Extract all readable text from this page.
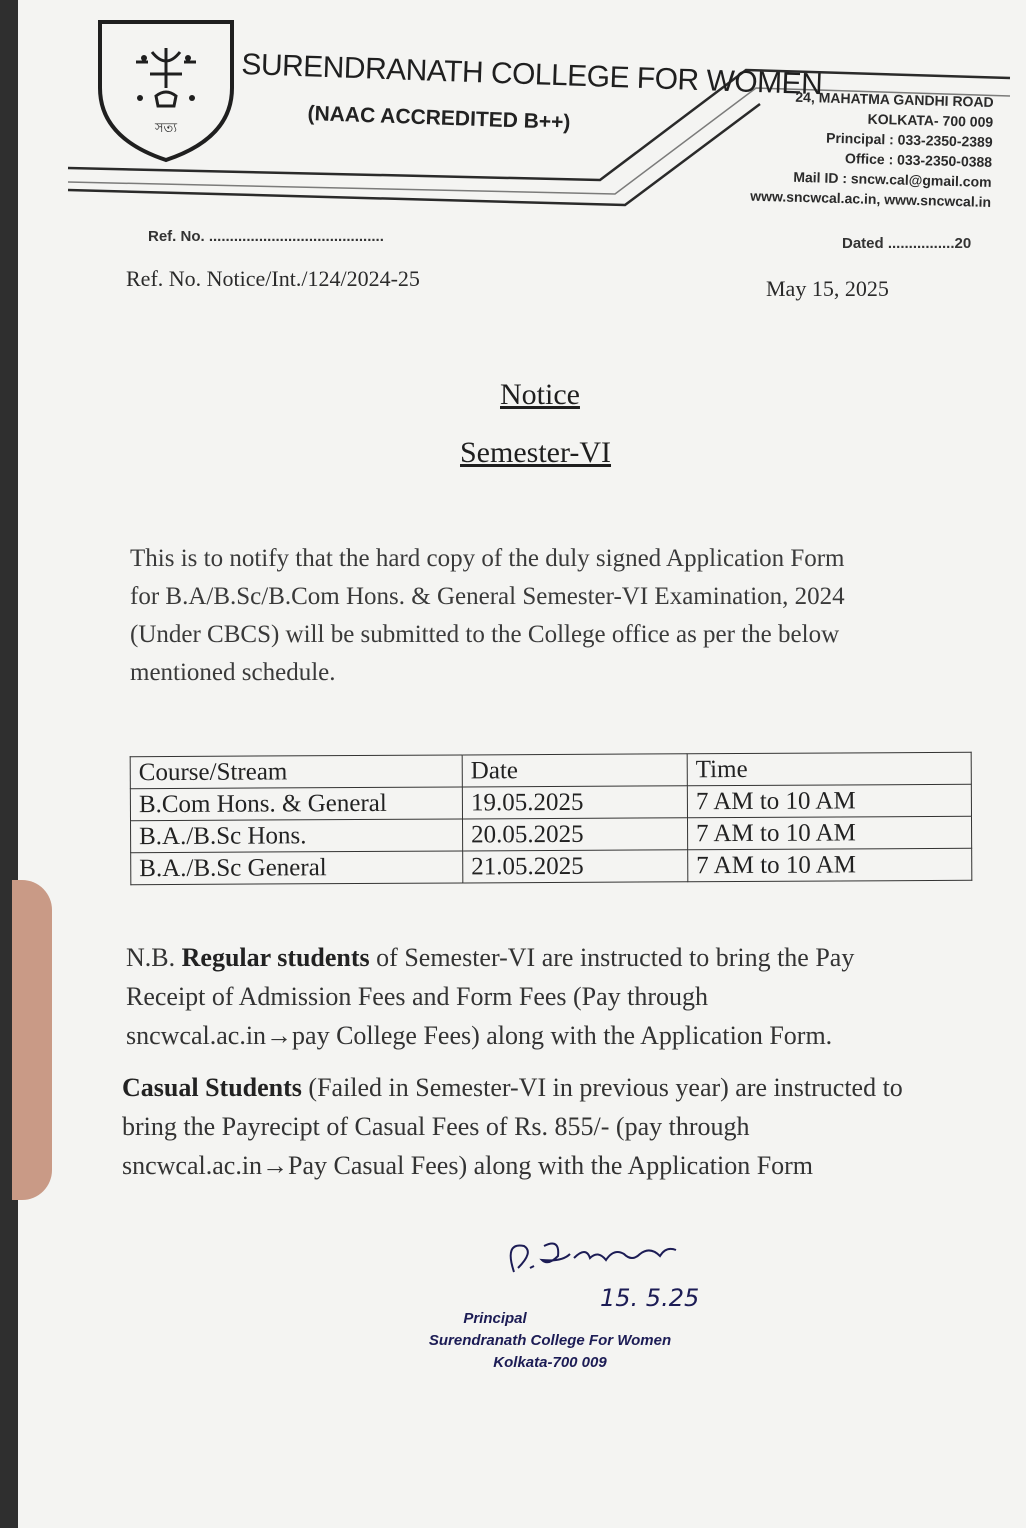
সত্য
SURENDRANATH COLLEGE FOR WOMEN
(NAAC ACCREDITED B++)
24, MAHATMA GANDHI ROAD
KOLKATA- 700 009
Principal : 033-2350-2389
Office : 033-2350-0388
Mail ID : sncw.cal@gmail.com
www.sncwcal.ac.in, www.sncwcal.in
Ref. No. ..........................................	Dated ................20
Ref. No. Notice/Int./124/2024-25	May 15, 2025
Notice
Semester-VI
This is to notify that the hard copy of the duly signed Application Form
for B.A/B.Sc/B.Com Hons. & General Semester-VI Examination, 2024
(Under CBCS) will be submitted to the College office as per the below
mentioned schedule.
Course/Stream	Date	Time
B.Com Hons. & General	19.05.2025	7 AM to 10 AM
B.A./B.Sc Hons.	20.05.2025	7 AM to 10 AM
B.A./B.Sc General	21.05.2025	7 AM to 10 AM
N.B. Regular students of Semester-VI are instructed to bring the Pay
Receipt of Admission Fees and Form Fees (Pay through
sncwcal.ac.in→pay College Fees) along with the Application Form.
Casual Students (Failed in Semester-VI in previous year) are instructed to
bring the Payrecipt of Casual Fees of Rs. 855/- (pay through
sncwcal.ac.in→Pay Casual Fees) along with the Application Form
15. 5.25
Principal
Surendranath College For Women
Kolkata-700 009
